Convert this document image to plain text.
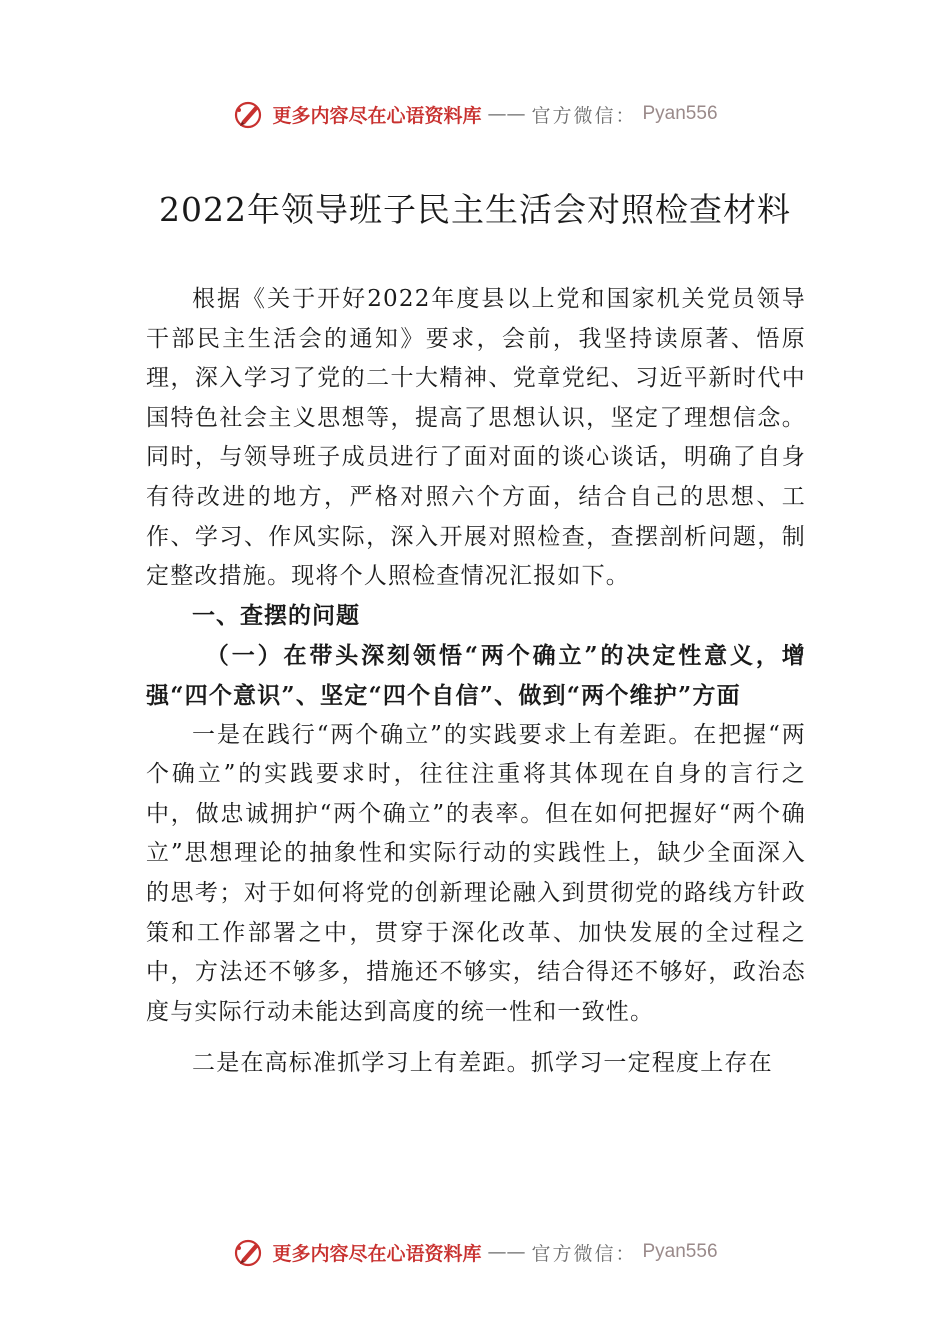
更多内容尽在心语资料库 —— 官方微信： Pyan556
2022年领导班子民主生活会对照检查材料

根据《关于开好2022年度县以上党和国家机关党员领导干部民主生活会的通知》要求，会前，我坚持读原著、悟原理，深入学习了党的二十大精神、党章党纪、习近平新时代中国特色社会主义思想等，提高了思想认识，坚定了理想信念。同时，与领导班子成员进行了面对面的谈心谈话，明确了自身有待改进的地方，严格对照六个方面，结合自己的思想、工作、学习、作风实际，深入开展对照检查，查摆剖析问题，制定整改措施。现将个人照检查情况汇报如下。

一、查摆的问题

（一）在带头深刻领悟“两个确立”的决定性意义，增强“四个意识”、坚定“四个自信”、做到“两个维护”方面

一是在践行“两个确立”的实践要求上有差距。在把握“两个确立”的实践要求时，往往注重将其体现在自身的言行之中，做忠诚拥护“两个确立”的表率。但在如何把握好“两个确立”思想理论的抽象性和实际行动的实践性上，缺少全面深入的思考；对于如何将党的创新理论融入到贯彻党的路线方针政策和工作部署之中，贯穿于深化改革、加快发展的全过程之中，方法还不够多，措施还不够实，结合得还不够好，政治态度与实际行动未能达到高度的统一性和一致性。

二是在高标准抓学习上有差距。抓学习一定程度上存在

更多内容尽在心语资料库 —— 官方微信： Pyan556
